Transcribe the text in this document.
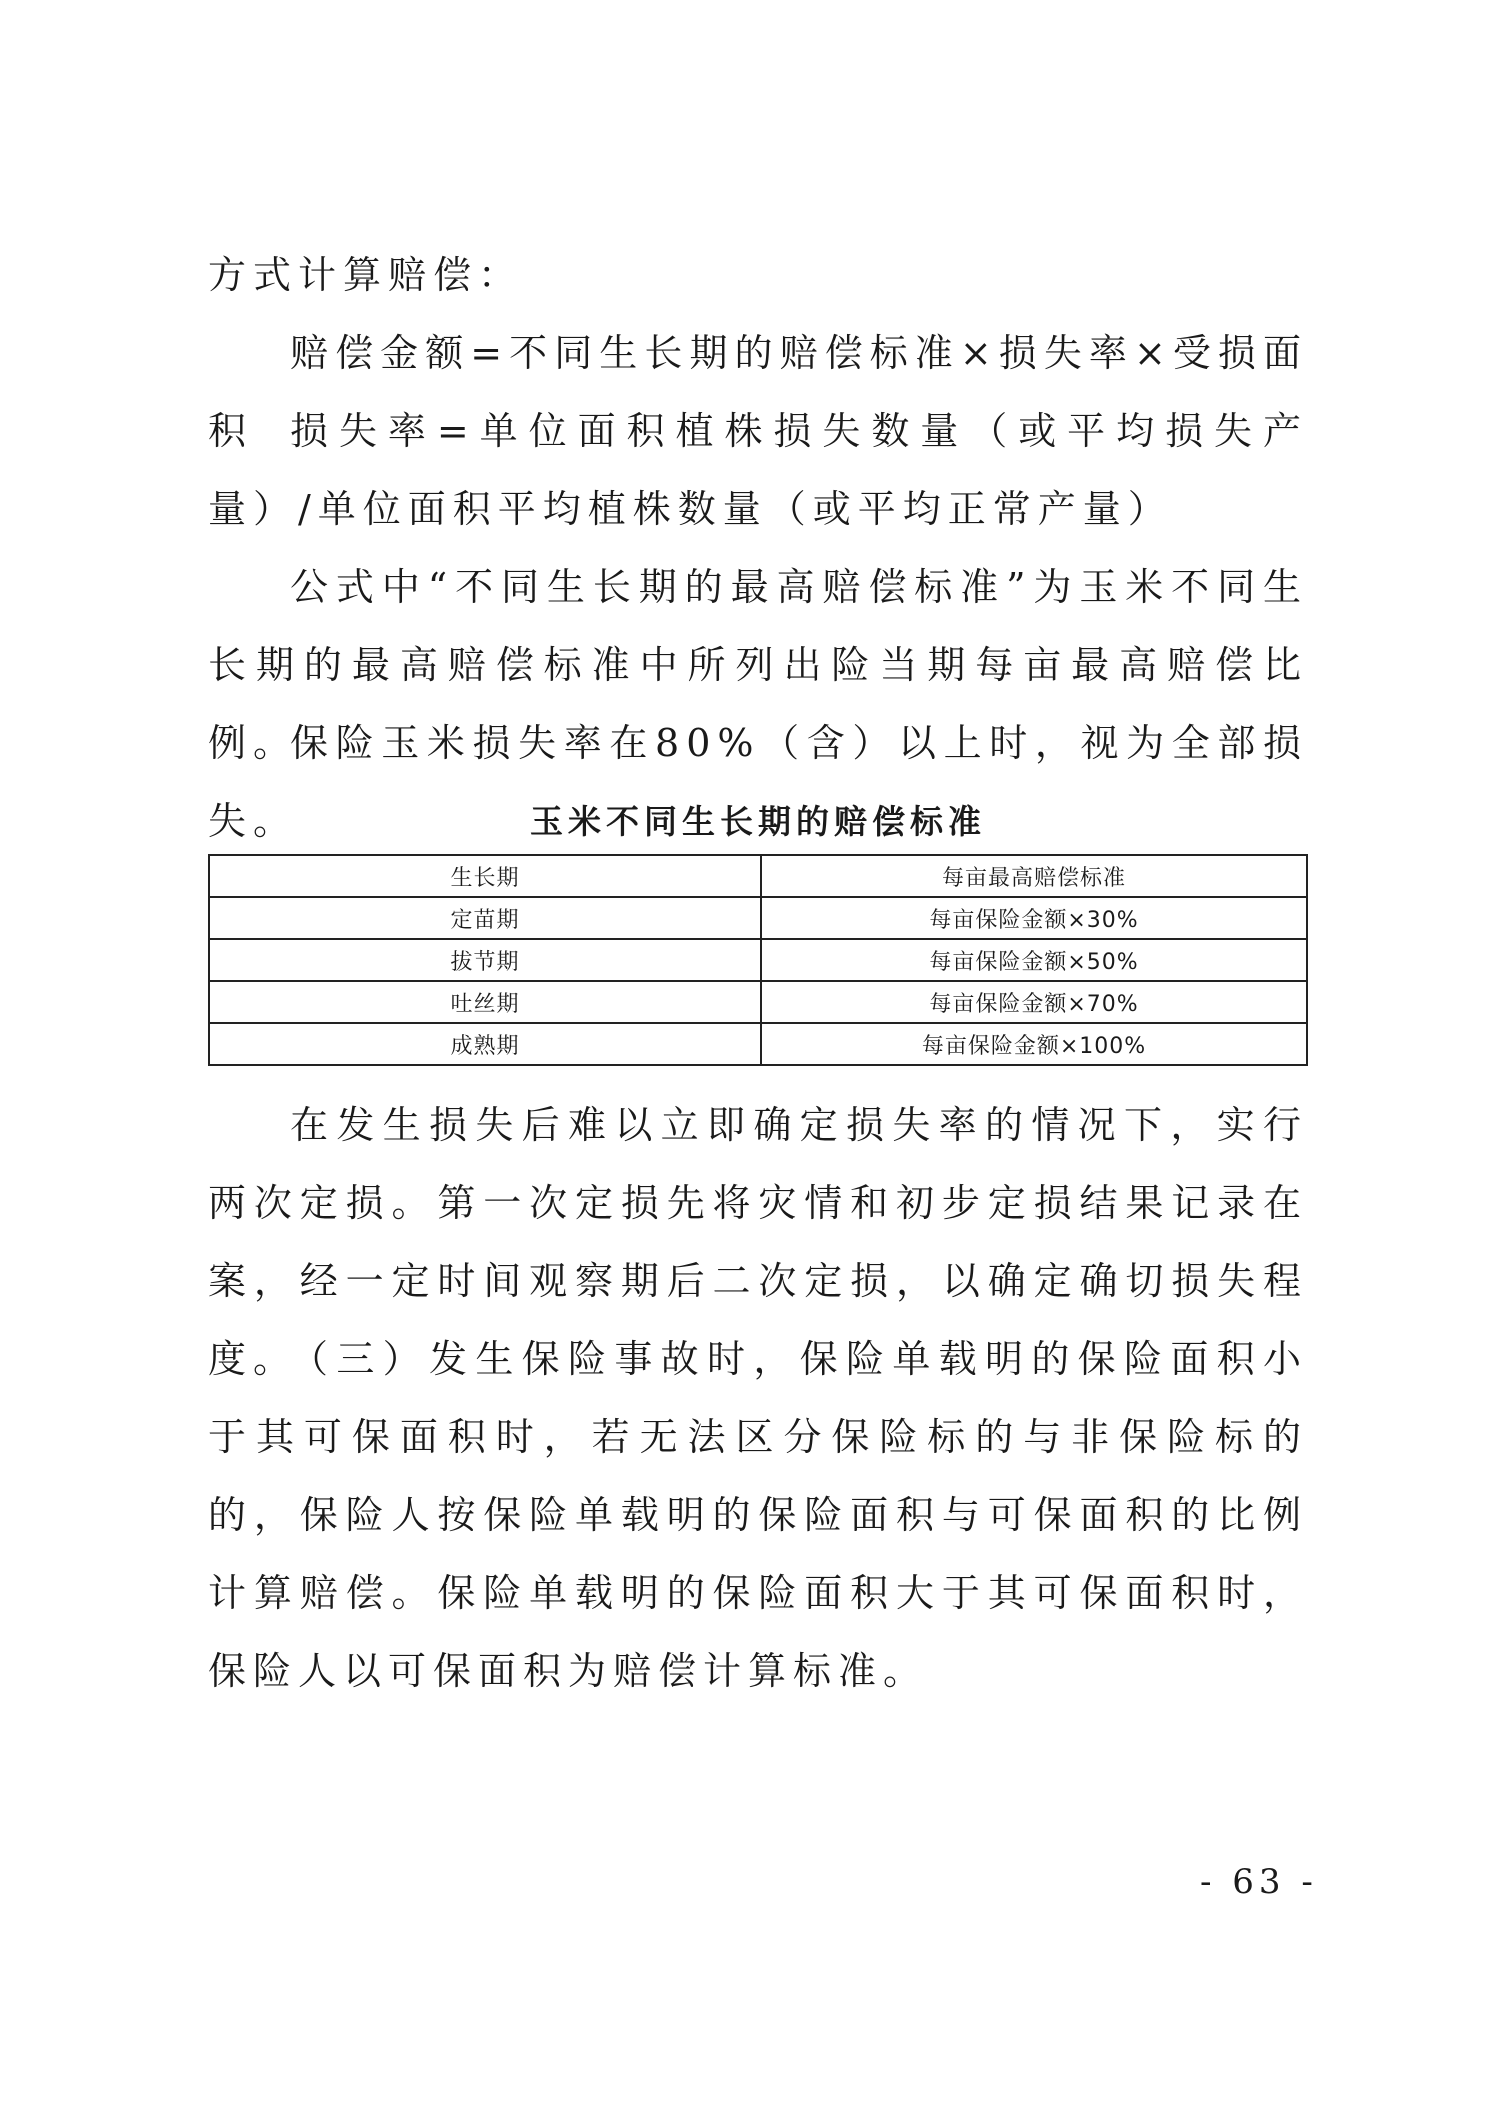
方式计算赔偿：

赔偿金额=不同生长期的赔偿标准×损失率×受损面积 损失率=单位面积植株损失数量（或平均损失产量）/单位面积平均植株数量（或平均正常产量）

公式中“不同生长期的最高赔偿标准”为玉米不同生长期的最高赔偿标准中所列出险当期每亩最高赔偿比例。

保险玉米损失率在80%（含）以上时，视为全部损失。	玉米不同生长期的赔偿标准

生长期	每亩最高赔偿标准
定苗期	每亩保险金额×30%
拔节期	每亩保险金额×50%
吐丝期	每亩保险金额×70%
成熟期	每亩保险金额×100%

在发生损失后难以立即确定损失率的情况下，实行两次定损。第一次定损先将灾情和初步定损结果记录在案，经一定时间观察期后二次定损，以确定确切损失程度。

（三）发生保险事故时，保险单载明的保险面积小于其可保面积时，若无法区分保险标的与非保险标的的，保险人按保险单载明的保险面积与可保面积的比例计算赔偿。保险单载明的保险面积大于其可保面积时，保险人以可保面积为赔偿计算标准。

- 63 -
